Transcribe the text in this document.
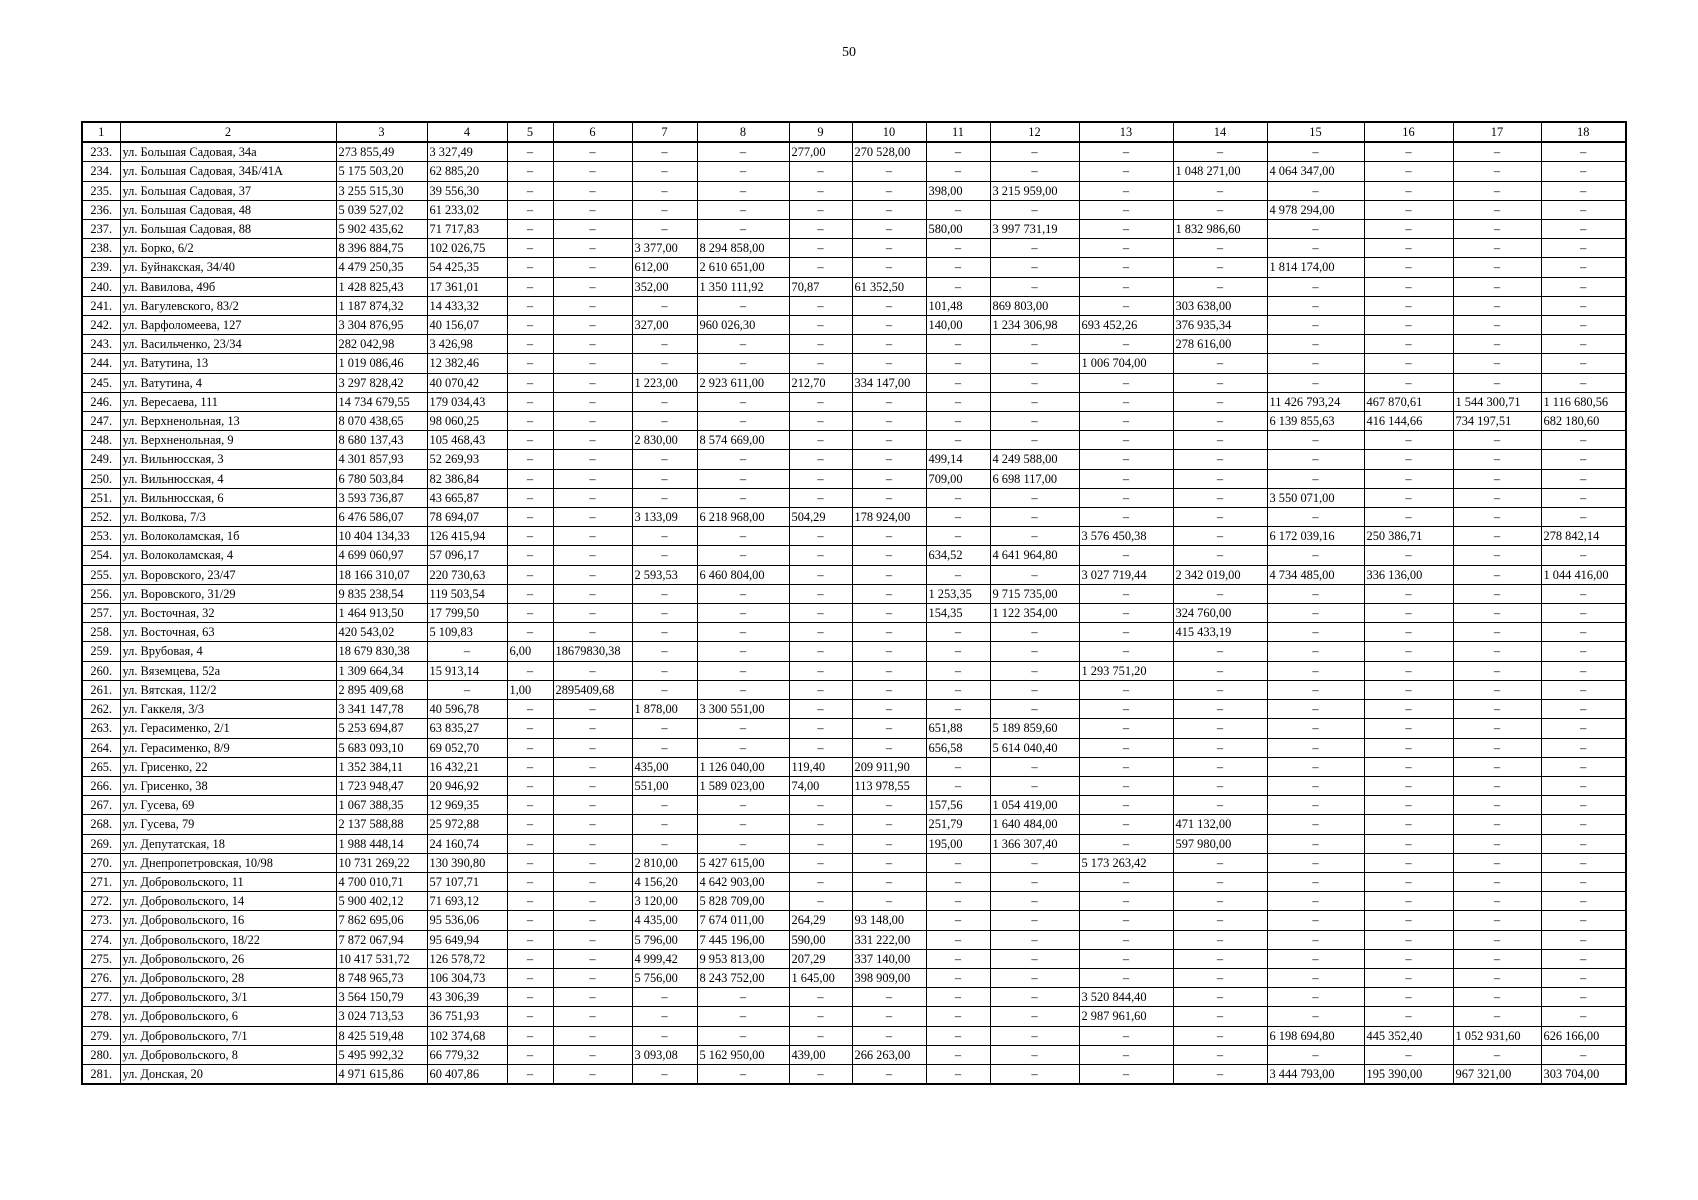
50
1	2	3	4	5	6	7	8	9	10	11	12	13	14	15	16	17	18
233.	ул. Большая Садовая, 34а	273 855,49	3 327,49	–	–	–	–	277,00	270 528,00	–	–	–	–	–	–	–	–
234.	ул. Большая Садовая, 34Б/41А	5 175 503,20	62 885,20	–	–	–	–	–	–	–	–	–	1 048 271,00	4 064 347,00	–	–	–
235.	ул. Большая Садовая, 37	3 255 515,30	39 556,30	–	–	–	–	–	–	398,00	3 215 959,00	–	–	–	–	–	–
236.	ул. Большая Садовая, 48	5 039 527,02	61 233,02	–	–	–	–	–	–	–	–	–	–	4 978 294,00	–	–	–
237.	ул. Большая Садовая, 88	5 902 435,62	71 717,83	–	–	–	–	–	–	580,00	3 997 731,19	–	1 832 986,60	–	–	–	–
238.	ул. Борко, 6/2	8 396 884,75	102 026,75	–	–	3 377,00	8 294 858,00	–	–	–	–	–	–	–	–	–	–
239.	ул. Буйнакская, 34/40	4 479 250,35	54 425,35	–	–	612,00	2 610 651,00	–	–	–	–	–	–	1 814 174,00	–	–	–
240.	ул. Вавилова, 49б	1 428 825,43	17 361,01	–	–	352,00	1 350 111,92	70,87	61 352,50	–	–	–	–	–	–	–	–
241.	ул. Вагулевского, 83/2	1 187 874,32	14 433,32	–	–	–	–	–	–	101,48	869 803,00	–	303 638,00	–	–	–	–
242.	ул. Варфоломеева, 127	3 304 876,95	40 156,07	–	–	327,00	960 026,30	–	–	140,00	1 234 306,98	693 452,26	376 935,34	–	–	–	–
243.	ул. Васильченко, 23/34	282 042,98	3 426,98	–	–	–	–	–	–	–	–	–	278 616,00	–	–	–	–
244.	ул. Ватутина, 13	1 019 086,46	12 382,46	–	–	–	–	–	–	–	–	1 006 704,00	–	–	–	–	–
245.	ул. Ватутина, 4	3 297 828,42	40 070,42	–	–	1 223,00	2 923 611,00	212,70	334 147,00	–	–	–	–	–	–	–	–
246.	ул. Вересаева, 111	14 734 679,55	179 034,43	–	–	–	–	–	–	–	–	–	–	11 426 793,24	467 870,61	1 544 300,71	1 116 680,56
247.	ул. Верхненольная, 13	8 070 438,65	98 060,25	–	–	–	–	–	–	–	–	–	–	6 139 855,63	416 144,66	734 197,51	682 180,60
248.	ул. Верхненольная, 9	8 680 137,43	105 468,43	–	–	2 830,00	8 574 669,00	–	–	–	–	–	–	–	–	–	–
249.	ул. Вильнюсская, 3	4 301 857,93	52 269,93	–	–	–	–	–	–	499,14	4 249 588,00	–	–	–	–	–	–
250.	ул. Вильнюсская, 4	6 780 503,84	82 386,84	–	–	–	–	–	–	709,00	6 698 117,00	–	–	–	–	–	–
251.	ул. Вильнюсская, 6	3 593 736,87	43 665,87	–	–	–	–	–	–	–	–	–	–	3 550 071,00	–	–	–
252.	ул. Волкова, 7/3	6 476 586,07	78 694,07	–	–	3 133,09	6 218 968,00	504,29	178 924,00	–	–	–	–	–	–	–	–
253.	ул. Волоколамская, 1б	10 404 134,33	126 415,94	–	–	–	–	–	–	–	–	3 576 450,38	–	6 172 039,16	250 386,71	–	278 842,14
254.	ул. Волоколамская, 4	4 699 060,97	57 096,17	–	–	–	–	–	–	634,52	4 641 964,80	–	–	–	–	–	–
255.	ул. Воровского, 23/47	18 166 310,07	220 730,63	–	–	2 593,53	6 460 804,00	–	–	–	–	3 027 719,44	2 342 019,00	4 734 485,00	336 136,00	–	1 044 416,00
256.	ул. Воровского, 31/29	9 835 238,54	119 503,54	–	–	–	–	–	–	1 253,35	9 715 735,00	–	–	–	–	–	–
257.	ул. Восточная, 32	1 464 913,50	17 799,50	–	–	–	–	–	–	154,35	1 122 354,00	–	324 760,00	–	–	–	–
258.	ул. Восточная, 63	420 543,02	5 109,83	–	–	–	–	–	–	–	–	–	415 433,19	–	–	–	–
259.	ул. Врубовая, 4	18 679 830,38	–	6,00	18679830,38	–	–	–	–	–	–	–	–	–	–	–	–
260.	ул. Вяземцева, 52а	1 309 664,34	15 913,14	–	–	–	–	–	–	–	–	1 293 751,20	–	–	–	–	–
261.	ул. Вятская, 112/2	2 895 409,68	–	1,00	2895409,68	–	–	–	–	–	–	–	–	–	–	–	–
262.	ул. Гаккеля, 3/3	3 341 147,78	40 596,78	–	–	1 878,00	3 300 551,00	–	–	–	–	–	–	–	–	–	–
263.	ул. Герасименко, 2/1	5 253 694,87	63 835,27	–	–	–	–	–	–	651,88	5 189 859,60	–	–	–	–	–	–
264.	ул. Герасименко, 8/9	5 683 093,10	69 052,70	–	–	–	–	–	–	656,58	5 614 040,40	–	–	–	–	–	–
265.	ул. Грисенко, 22	1 352 384,11	16 432,21	–	–	435,00	1 126 040,00	119,40	209 911,90	–	–	–	–	–	–	–	–
266.	ул. Грисенко, 38	1 723 948,47	20 946,92	–	–	551,00	1 589 023,00	74,00	113 978,55	–	–	–	–	–	–	–	–
267.	ул. Гусева, 69	1 067 388,35	12 969,35	–	–	–	–	–	–	157,56	1 054 419,00	–	–	–	–	–	–
268.	ул. Гусева, 79	2 137 588,88	25 972,88	–	–	–	–	–	–	251,79	1 640 484,00	–	471 132,00	–	–	–	–
269.	ул. Депутатская, 18	1 988 448,14	24 160,74	–	–	–	–	–	–	195,00	1 366 307,40	–	597 980,00	–	–	–	–
270.	ул. Днепропетровская, 10/98	10 731 269,22	130 390,80	–	–	2 810,00	5 427 615,00	–	–	–	–	5 173 263,42	–	–	–	–	–
271.	ул. Добровольского, 11	4 700 010,71	57 107,71	–	–	4 156,20	4 642 903,00	–	–	–	–	–	–	–	–	–	–
272.	ул. Добровольского, 14	5 900 402,12	71 693,12	–	–	3 120,00	5 828 709,00	–	–	–	–	–	–	–	–	–	–
273.	ул. Добровольского, 16	7 862 695,06	95 536,06	–	–	4 435,00	7 674 011,00	264,29	93 148,00	–	–	–	–	–	–	–	–
274.	ул. Добровольского, 18/22	7 872 067,94	95 649,94	–	–	5 796,00	7 445 196,00	590,00	331 222,00	–	–	–	–	–	–	–	–
275.	ул. Добровольского, 26	10 417 531,72	126 578,72	–	–	4 999,42	9 953 813,00	207,29	337 140,00	–	–	–	–	–	–	–	–
276.	ул. Добровольского, 28	8 748 965,73	106 304,73	–	–	5 756,00	8 243 752,00	1 645,00	398 909,00	–	–	–	–	–	–	–	–
277.	ул. Добровольского, 3/1	3 564 150,79	43 306,39	–	–	–	–	–	–	–	–	3 520 844,40	–	–	–	–	–
278.	ул. Добровольского, 6	3 024 713,53	36 751,93	–	–	–	–	–	–	–	–	2 987 961,60	–	–	–	–	–
279.	ул. Добровольского, 7/1	8 425 519,48	102 374,68	–	–	–	–	–	–	–	–	–	–	6 198 694,80	445 352,40	1 052 931,60	626 166,00
280.	ул. Добровольского, 8	5 495 992,32	66 779,32	–	–	3 093,08	5 162 950,00	439,00	266 263,00	–	–	–	–	–	–	–	–
281.	ул. Донская, 20	4 971 615,86	60 407,86	–	–	–	–	–	–	–	–	–	–	3 444 793,00	195 390,00	967 321,00	303 704,00
